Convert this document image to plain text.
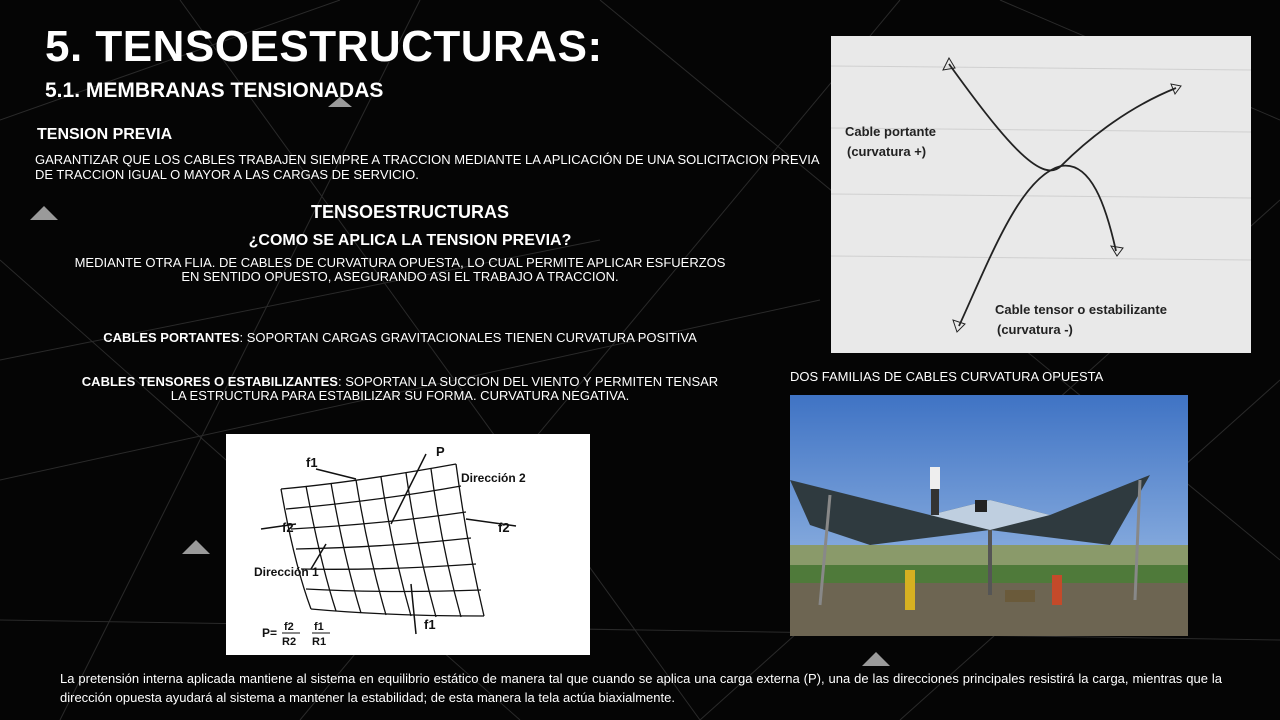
5. TENSOESTRUCTURAS:
5.1. MEMBRANAS TENSIONADAS
TENSION PREVIA
GARANTIZAR QUE LOS CABLES TRABAJEN SIEMPRE A TRACCION MEDIANTE LA APLICACIÓN DE UNA SOLICITACION PREVIA DE TRACCION IGUAL O MAYOR A LAS CARGAS DE SERVICIO.
TENSOESTRUCTURAS
¿COMO SE APLICA LA TENSION PREVIA?
MEDIANTE OTRA FLIA. DE CABLES DE CURVATURA OPUESTA, LO CUAL PERMITE APLICAR ESFUERZOS EN SENTIDO OPUESTO, ASEGURANDO ASI EL TRABAJO A TRACCION.
CABLES PORTANTES: SOPORTAN CARGAS GRAVITACIONALES TIENEN CURVATURA POSITIVA
CABLES TENSORES O ESTABILIZANTES: SOPORTAN LA SUCCION DEL VIENTO Y PERMITEN TENSAR LA ESTRUCTURA PARA ESTABILIZAR SU FORMA. CURVATURA NEGATIVA.
Cable portante
(curvatura +)
Cable tensor o estabilizante
(curvatura -)
DOS FAMILIAS DE CABLES CURVATURA OPUESTA
f1
P
Dirección 2
f2	f2
Dirección 1
f1
P= f2
R2
f1
R1
La pretensión interna aplicada mantiene al sistema en equilibrio estático de manera tal que cuando se aplica una carga externa (P), una de las direcciones principales resistirá la carga, mientras que la dirección opuesta ayudará al sistema a mantener la estabilidad; de esta manera la tela actúa biaxialmente.
